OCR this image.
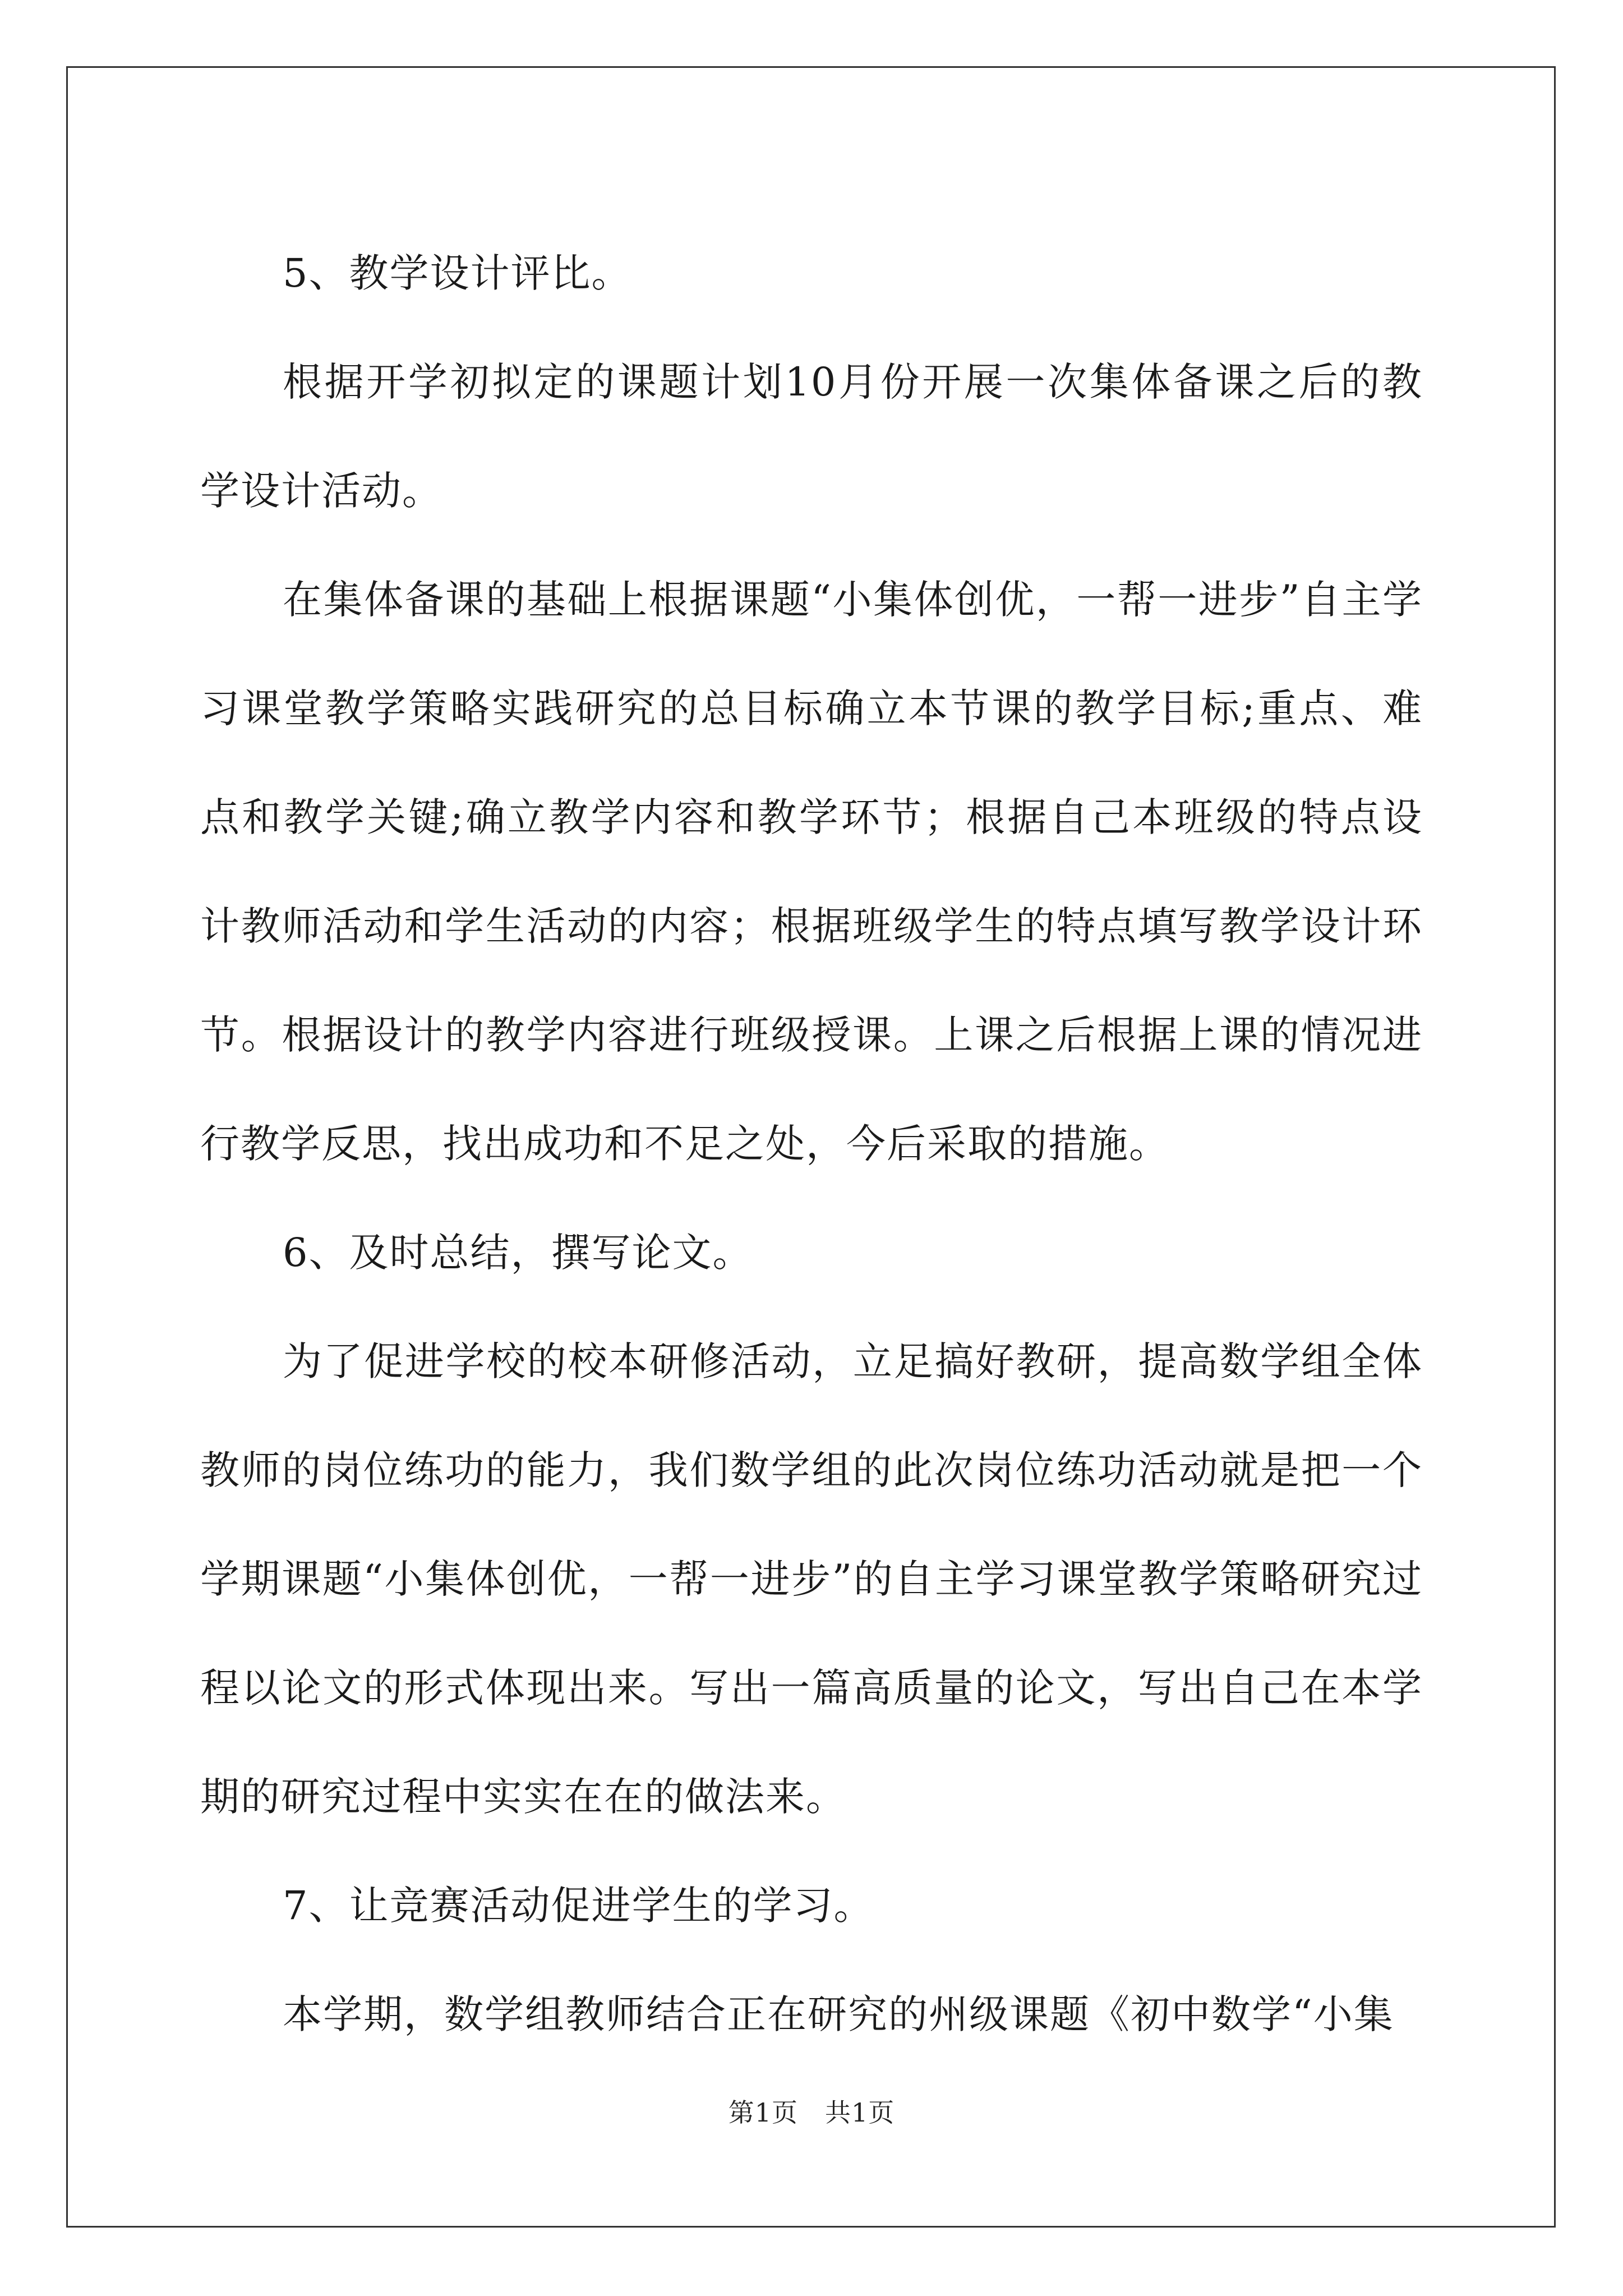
5、教学设计评比。

根据开学初拟定的课题计划10月份开展一次集体备课之后的教学设计活动。

在集体备课的基础上根据课题“小集体创优，一帮一进步”自主学习课堂教学策略实践研究的总目标确立本节课的教学目标;重点、难点和教学关键;确立教学内容和教学环节；根据自己本班级的特点设计教师活动和学生活动的内容；根据班级学生的特点填写教学设计环节。根据设计的教学内容进行班级授课。上课之后根据上课的情况进行教学反思，找出成功和不足之处，今后采取的措施。

6、及时总结，撰写论文。

为了促进学校的校本研修活动，立足搞好教研，提高数学组全体教师的岗位练功的能力，我们数学组的此次岗位练功活动就是把一个学期课题“小集体创优，一帮一进步”的自主学习课堂教学策略研究过程以论文的形式体现出来。写出一篇高质量的论文，写出自己在本学期的研究过程中实实在在的做法来。

7、让竞赛活动促进学生的学习。

本学期，数学组教师结合正在研究的州级课题《初中数学“小集

第1页 共1页
